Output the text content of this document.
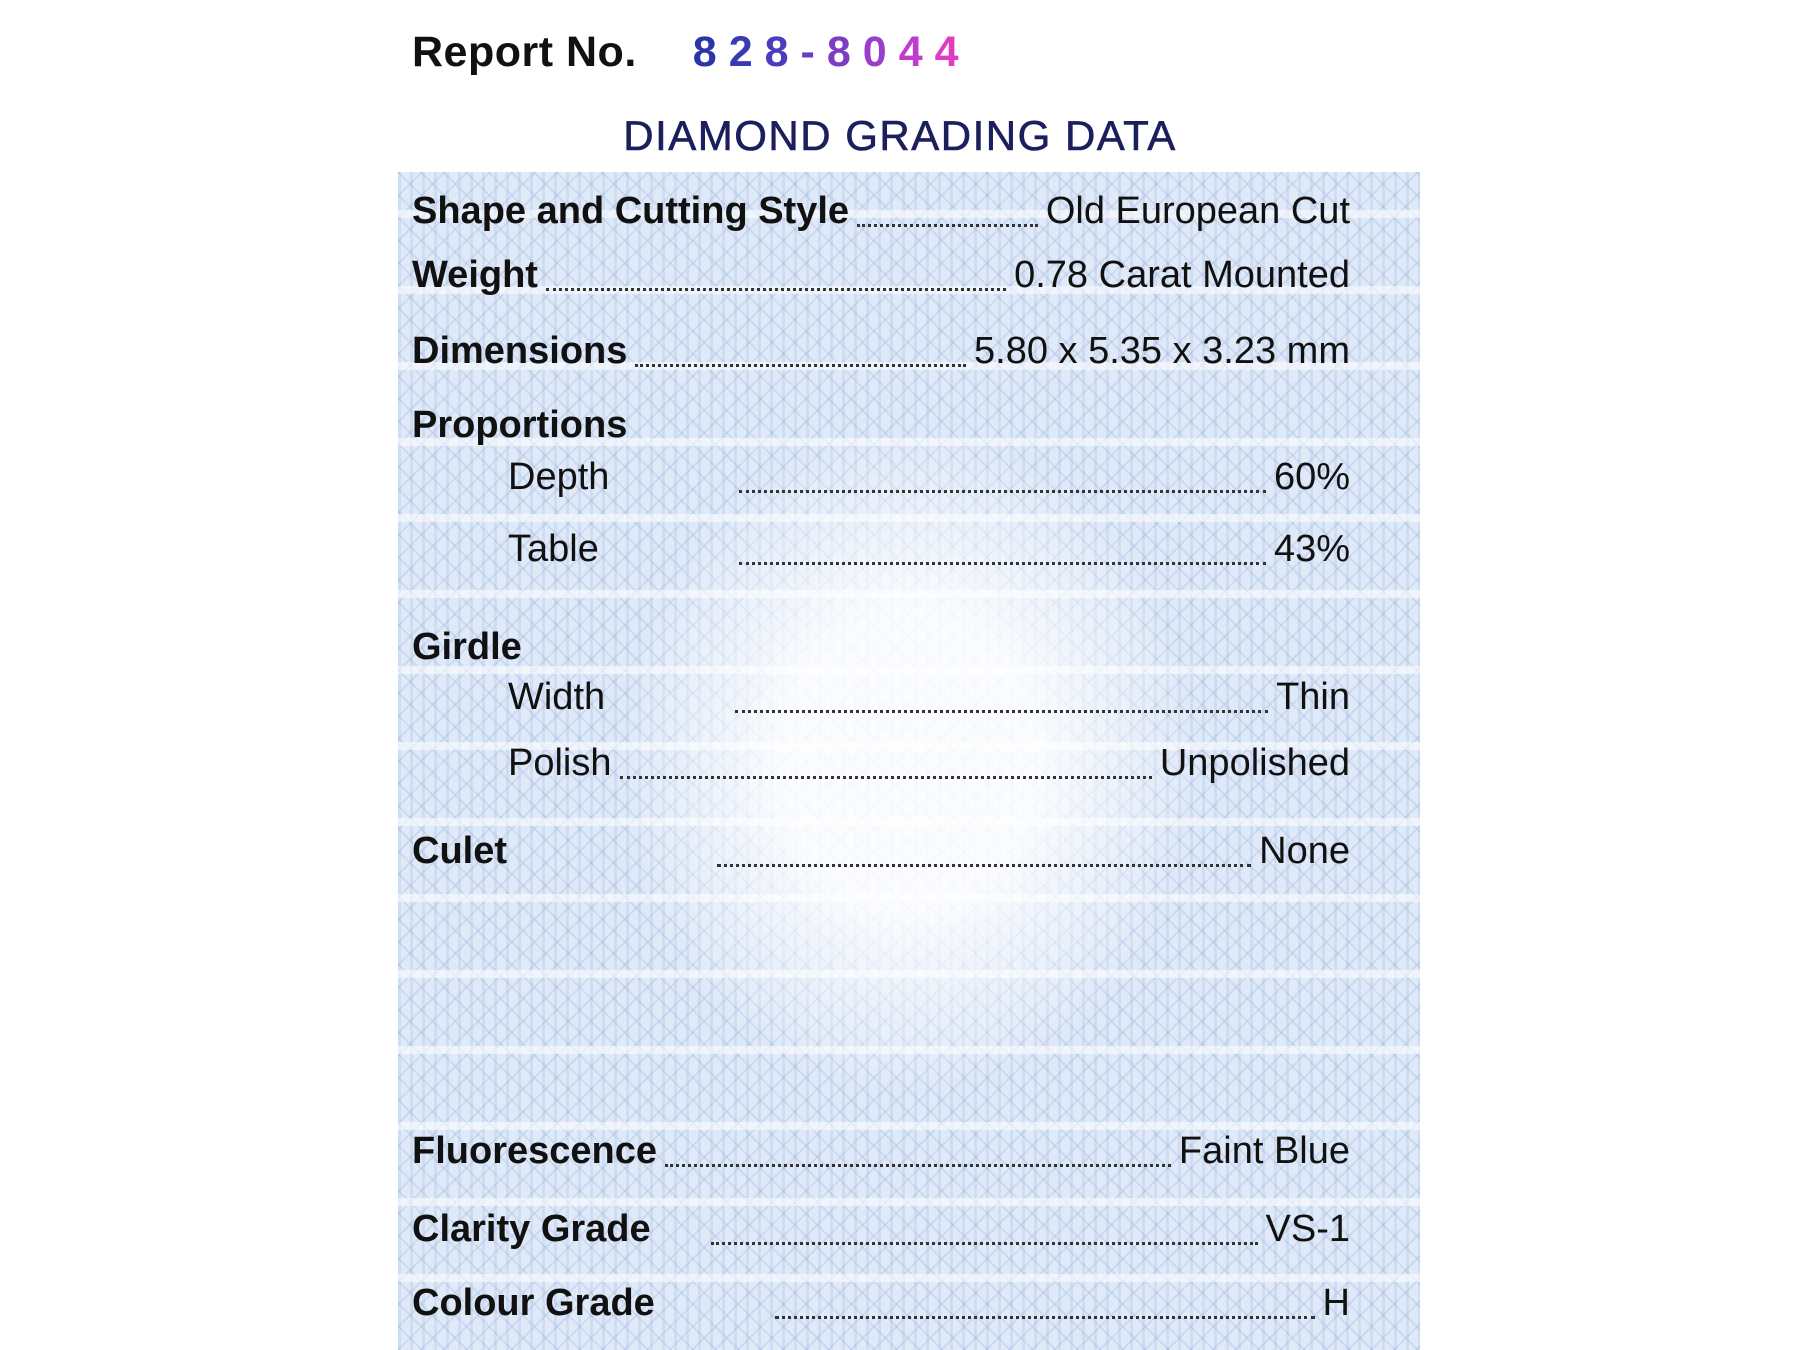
Report No. 8 2 8 - 8 0 4 4
DIAMOND GRADING DATA
Shape and Cutting Style	Old European Cut
Weight	0.78 Carat Mounted
Dimensions	5.80 x 5.35 x 3.23 mm
Proportions
Depth	60%
Table	43%
Girdle
Width	Thin
Polish	Unpolished
Culet	None
Fluorescence	Faint Blue
Clarity Grade	VS-1
Colour Grade	H
